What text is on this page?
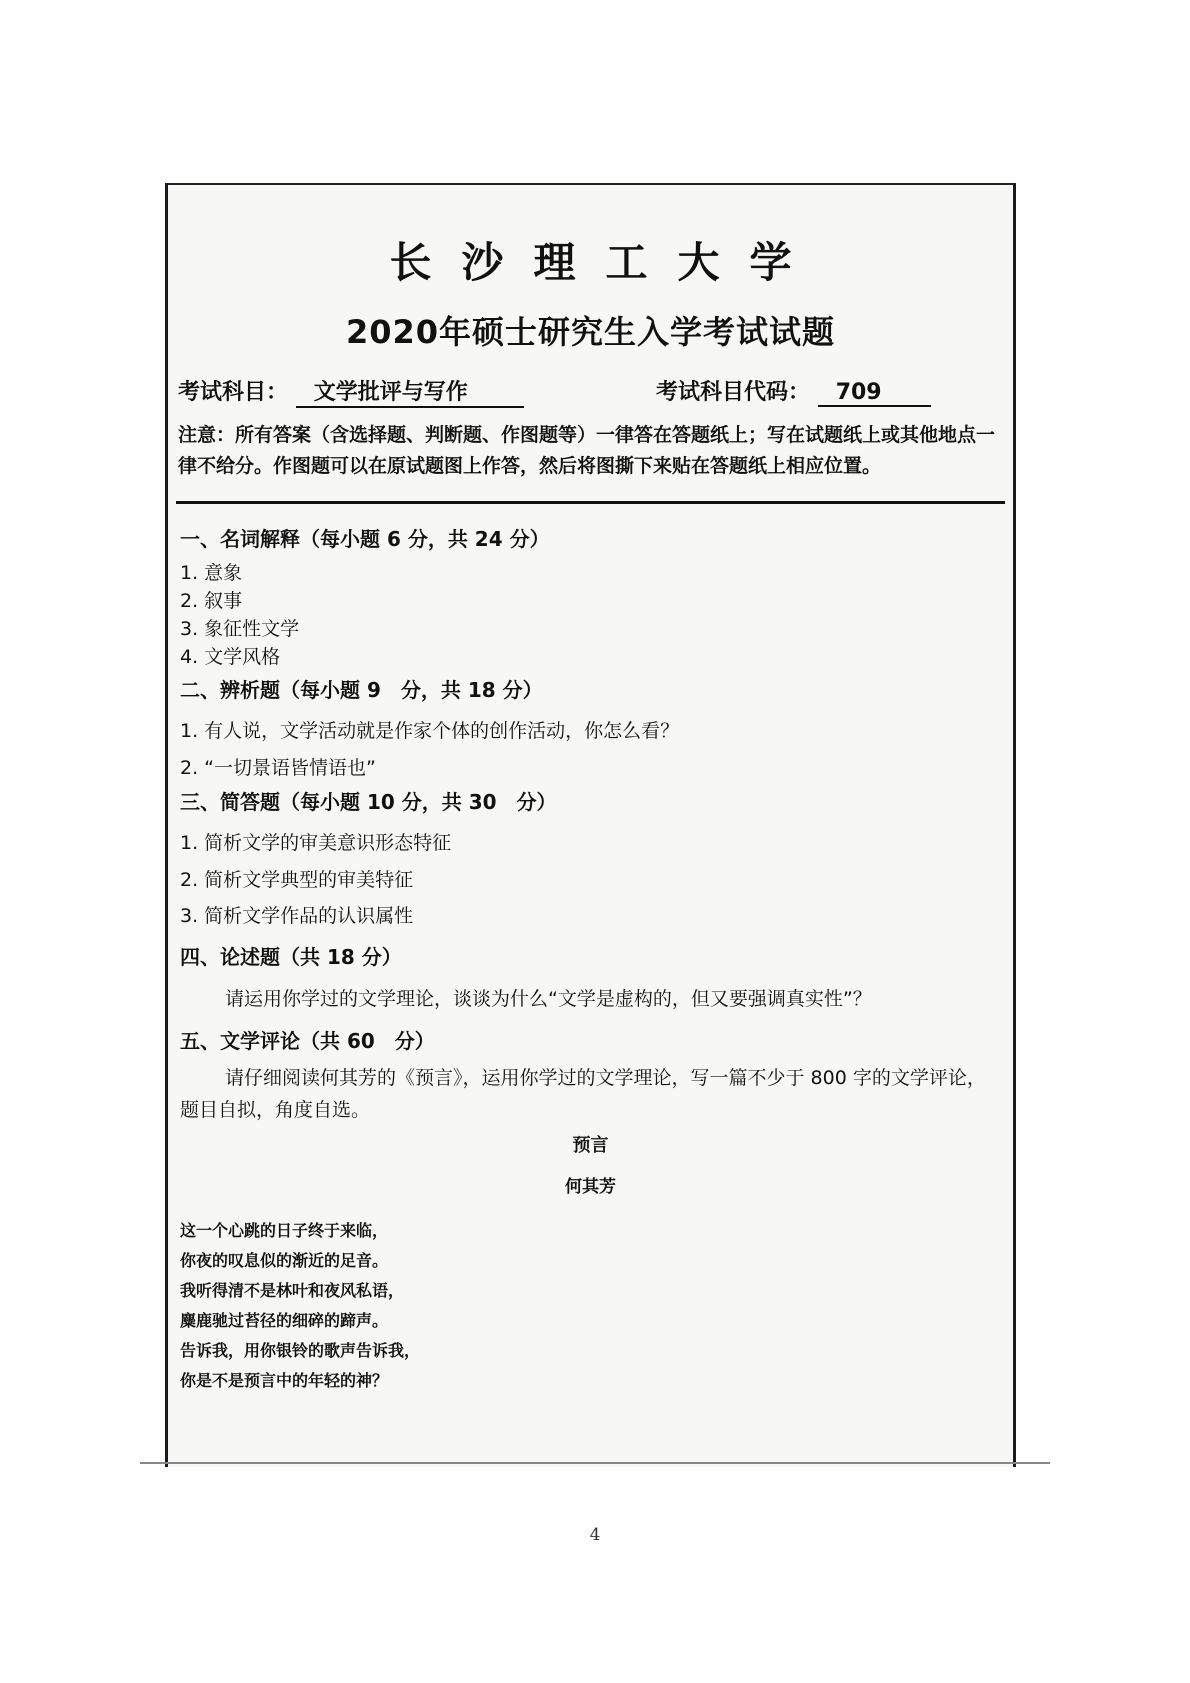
长沙理工大学
2020年硕士研究生入学考试试题
考试科目： 文学批评与写作	考试科目代码： 709
注意：所有答案（含选择题、判断题、作图题等）一律答在答题纸上；写在试题纸上或其他地点一律不给分。作图题可以在原试题图上作答，然后将图撕下来贴在答题纸上相应位置。
一、名词解释（每小题 6 分，共 24 分）
1. 意象
2. 叙事
3. 象征性文学
4. 文学风格
二、辨析题（每小题 9　分，共 18 分）
1. 有人说，文学活动就是作家个体的创作活动，你怎么看？
2. “一切景语皆情语也”
三、简答题（每小题 10 分，共 30　分）
1. 简析文学的审美意识形态特征
2. 简析文学典型的审美特征
3. 简析文学作品的认识属性
四、论述题（共 18 分）
请运用你学过的文学理论，谈谈为什么“文学是虚构的，但又要强调真实性”？
五、文学评论（共 60　分）
请仔细阅读何其芳的《预言》，运用你学过的文学理论，写一篇不少于 800 字的文学评论，题目自拟，角度自选。
预言
何其芳
这一个心跳的日子终于来临，
你夜的叹息似的渐近的足音。
我听得清不是林叶和夜风私语，
麋鹿驰过苔径的细碎的蹄声。
告诉我，用你银铃的歌声告诉我，
你是不是预言中的年轻的神？
4
